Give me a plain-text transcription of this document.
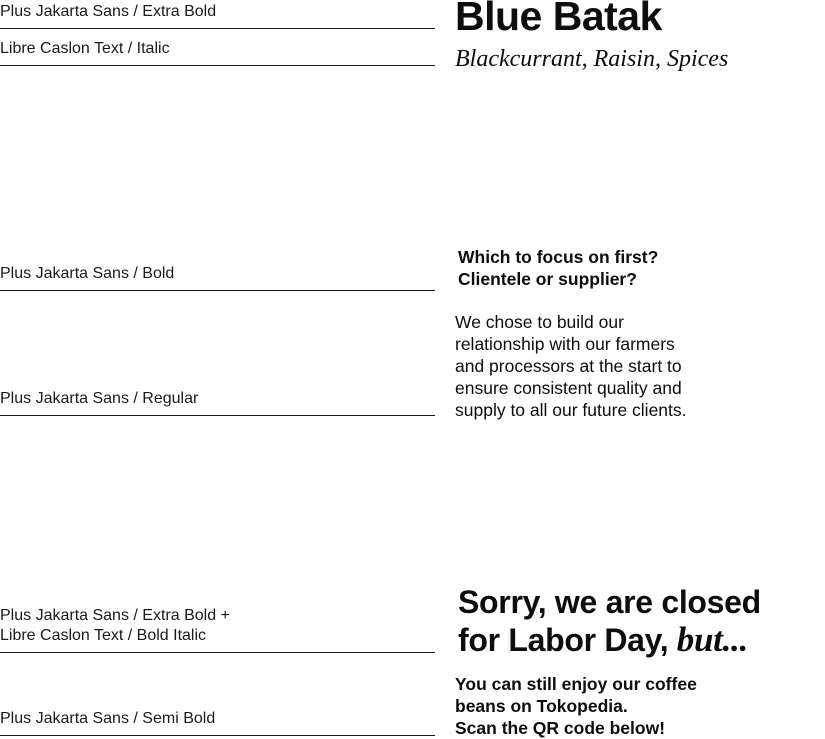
Plus Jakarta Sans / Extra Bold
Libre Caslon Text / Italic
Plus Jakarta Sans / Bold
Plus Jakarta Sans / Regular
Plus Jakarta Sans / Extra Bold +
Libre Caslon Text / Bold Italic
Plus Jakarta Sans / Semi Bold
Blue Batak
Blackcurrant, Raisin, Spices
Which to focus on first?
Clientele or supplier?
We chose to build our
relationship with our farmers
and processors at the start to
ensure consistent quality and
supply to all our future clients.
Sorry, we are closed
for Labor Day, but...
You can still enjoy our coffee
beans on Tokopedia.
Scan the QR code below!
